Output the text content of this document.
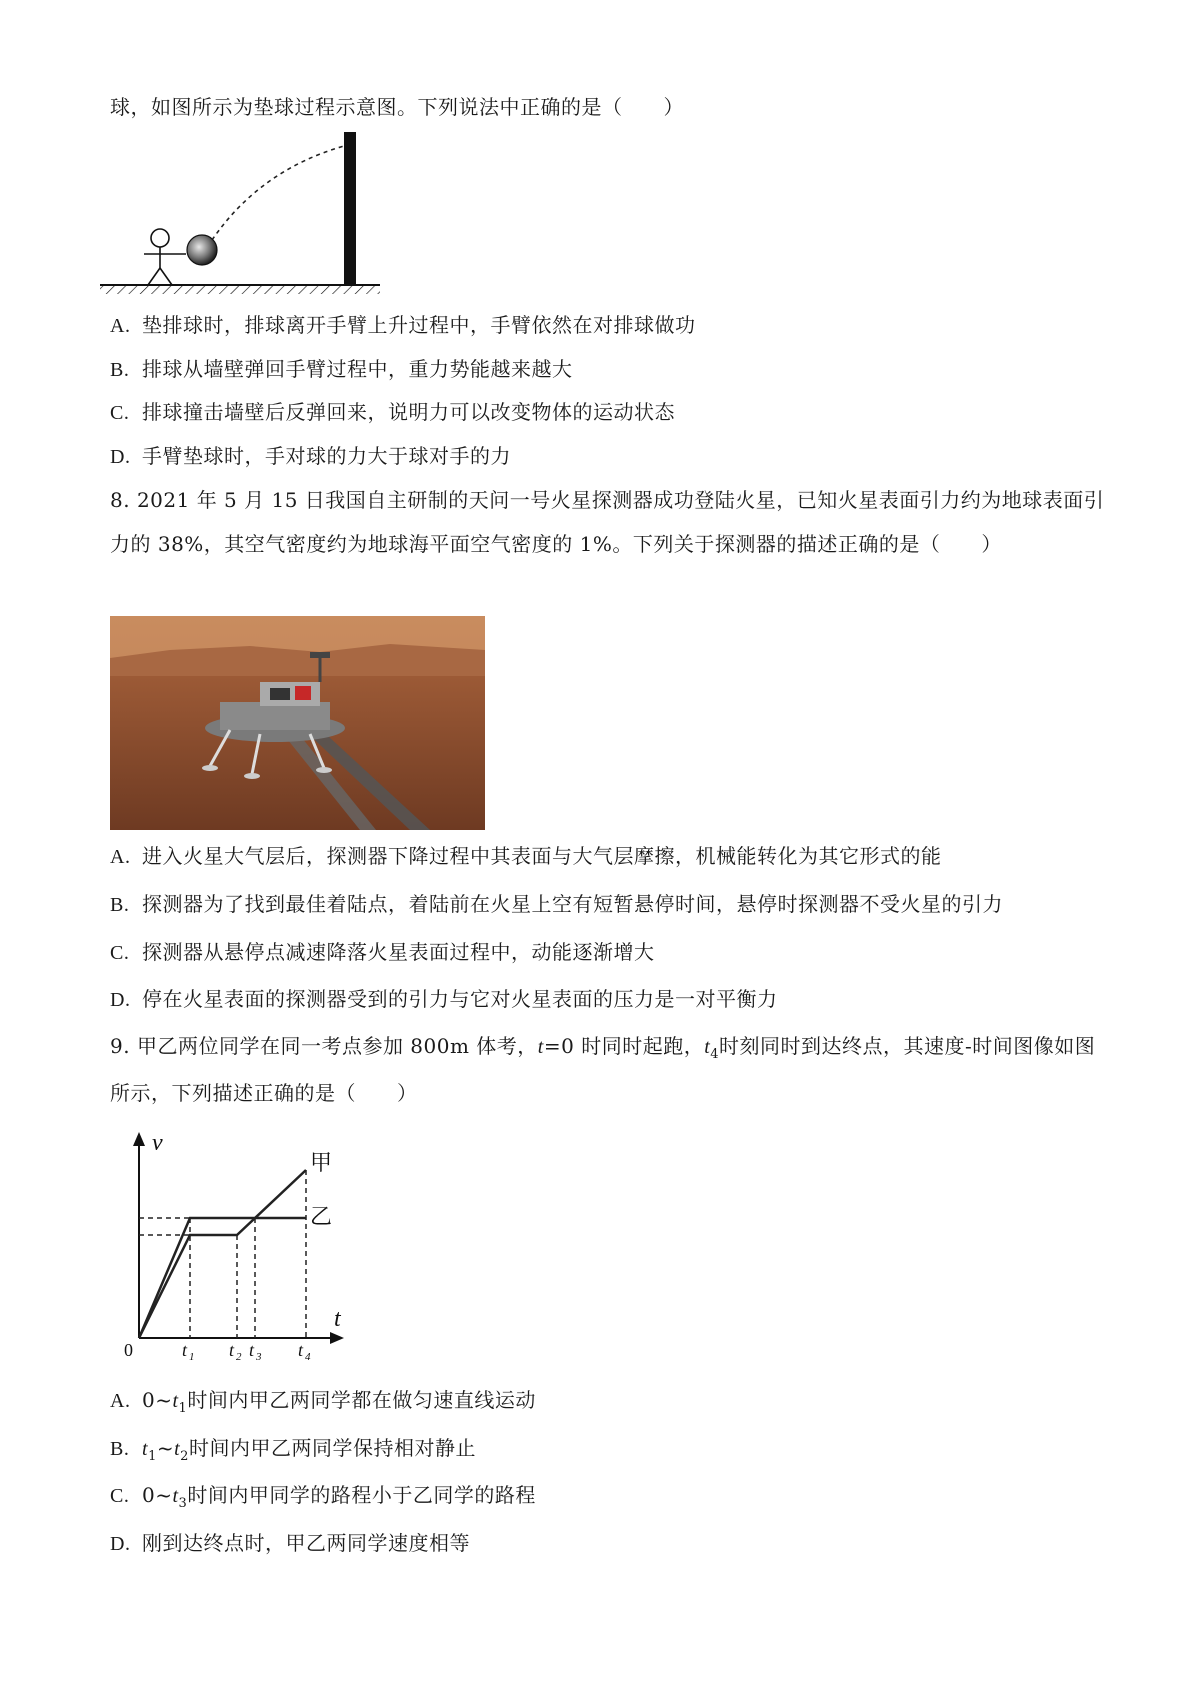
球，如图所示为垫球过程示意图。下列说法中正确的是（　　）
A. 垫排球时，排球离开手臂上升过程中，手臂依然在对排球做功
B. 排球从墙壁弹回手臂过程中，重力势能越来越大
C. 排球撞击墙壁后反弹回来，说明力可以改变物体的运动状态
D. 手臂垫球时，手对球的力大于球对手的力
8. 2021 年 5 月 15 日我国自主研制的天问一号火星探测器成功登陆火星，已知火星表面引力约为地球表面引
力的 38%，其空气密度约为地球海平面空气密度的 1%。下列关于探测器的描述正确的是（　　）
A. 进入火星大气层后，探测器下降过程中其表面与大气层摩擦，机械能转化为其它形式的能
B. 探测器为了找到最佳着陆点，着陆前在火星上空有短暂悬停时间，悬停时探测器不受火星的引力
C. 探测器从悬停点减速降落火星表面过程中，动能逐渐增大
D. 停在火星表面的探测器受到的引力与它对火星表面的压力是一对平衡力
9. 甲乙两位同学在同一考点参加 800m 体考，t=0 时同时起跑，$t_4$时刻同时到达终点，其速度-时间图像如图
所示，下列描述正确的是（　　）
v
t
0
甲
乙
t 1 t 2 t 3 t 4
A. $0\sim t_1$时间内甲乙两同学都在做匀速直线运动
B. $t_1\sim t_2$时间内甲乙两同学保持相对静止
C. $0\sim t_3$时间内甲同学的路程小于乙同学的路程
D. 刚到达终点时，甲乙两同学速度相等
